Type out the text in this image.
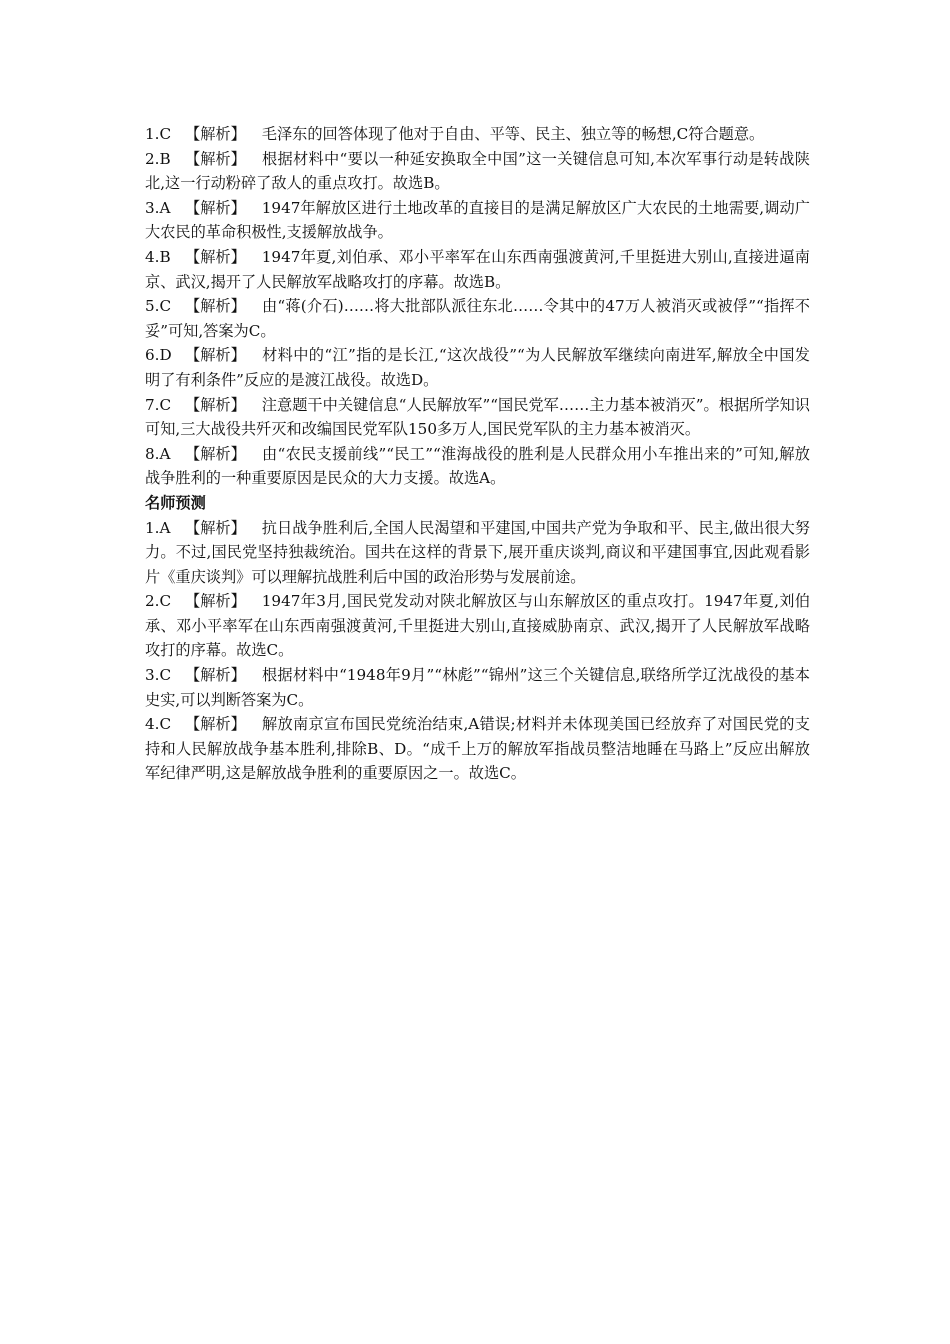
1.C 【解析】 毛泽东的回答体现了他对于自由、平等、民主、独立等的畅想,C符合题意。

2.B 【解析】 根据材料中“要以一种延安换取全中国”这一关键信息可知,本次军事行动是转战陕北,这一行动粉碎了敌人的重点攻打。故选B。

3.A 【解析】 1947年解放区进行土地改革的直接目的是满足解放区广大农民的土地需要,调动广大农民的革命积极性,支援解放战争。

4.B 【解析】 1947年夏,刘伯承、邓小平率军在山东西南强渡黄河,千里挺进大别山,直接进逼南京、武汉,揭开了人民解放军战略攻打的序幕。故选B。

5.C 【解析】 由“蒋(介石)……将大批部队派往东北……令其中的47万人被消灭或被俘”“指挥不妥”可知,答案为C。

6.D 【解析】 材料中的“江”指的是长江,“这次战役”“为人民解放军继续向南进军,解放全中国发明了有利条件”反应的是渡江战役。故选D。

7.C 【解析】 注意题干中关键信息“人民解放军”“国民党军……主力基本被消灭”。根据所学知识可知,三大战役共歼灭和改编国民党军队150多万人,国民党军队的主力基本被消灭。

8.A 【解析】 由“农民支援前线”“民工”“淮海战役的胜利是人民群众用小车推出来的”可知,解放战争胜利的一种重要原因是民众的大力支援。故选A。

名师预测

1.A 【解析】 抗日战争胜利后,全国人民渴望和平建国,中国共产党为争取和平、民主,做出很大努力。不过,国民党坚持独裁统治。国共在这样的背景下,展开重庆谈判,商议和平建国事宜,因此观看影片《重庆谈判》可以理解抗战胜利后中国的政治形势与发展前途。

2.C 【解析】 1947年3月,国民党发动对陕北解放区与山东解放区的重点攻打。1947年夏,刘伯承、邓小平率军在山东西南强渡黄河,千里挺进大别山,直接威胁南京、武汉,揭开了人民解放军战略攻打的序幕。故选C。

3.C 【解析】 根据材料中“1948年9月”“林彪”“锦州”这三个关键信息,联络所学辽沈战役的基本史实,可以判断答案为C。

4.C 【解析】 解放南京宣布国民党统治结束,A错误;材料并未体现美国已经放弃了对国民党的支持和人民解放战争基本胜利,排除B、D。“成千上万的解放军指战员整洁地睡在马路上”反应出解放军纪律严明,这是解放战争胜利的重要原因之一。故选C。
